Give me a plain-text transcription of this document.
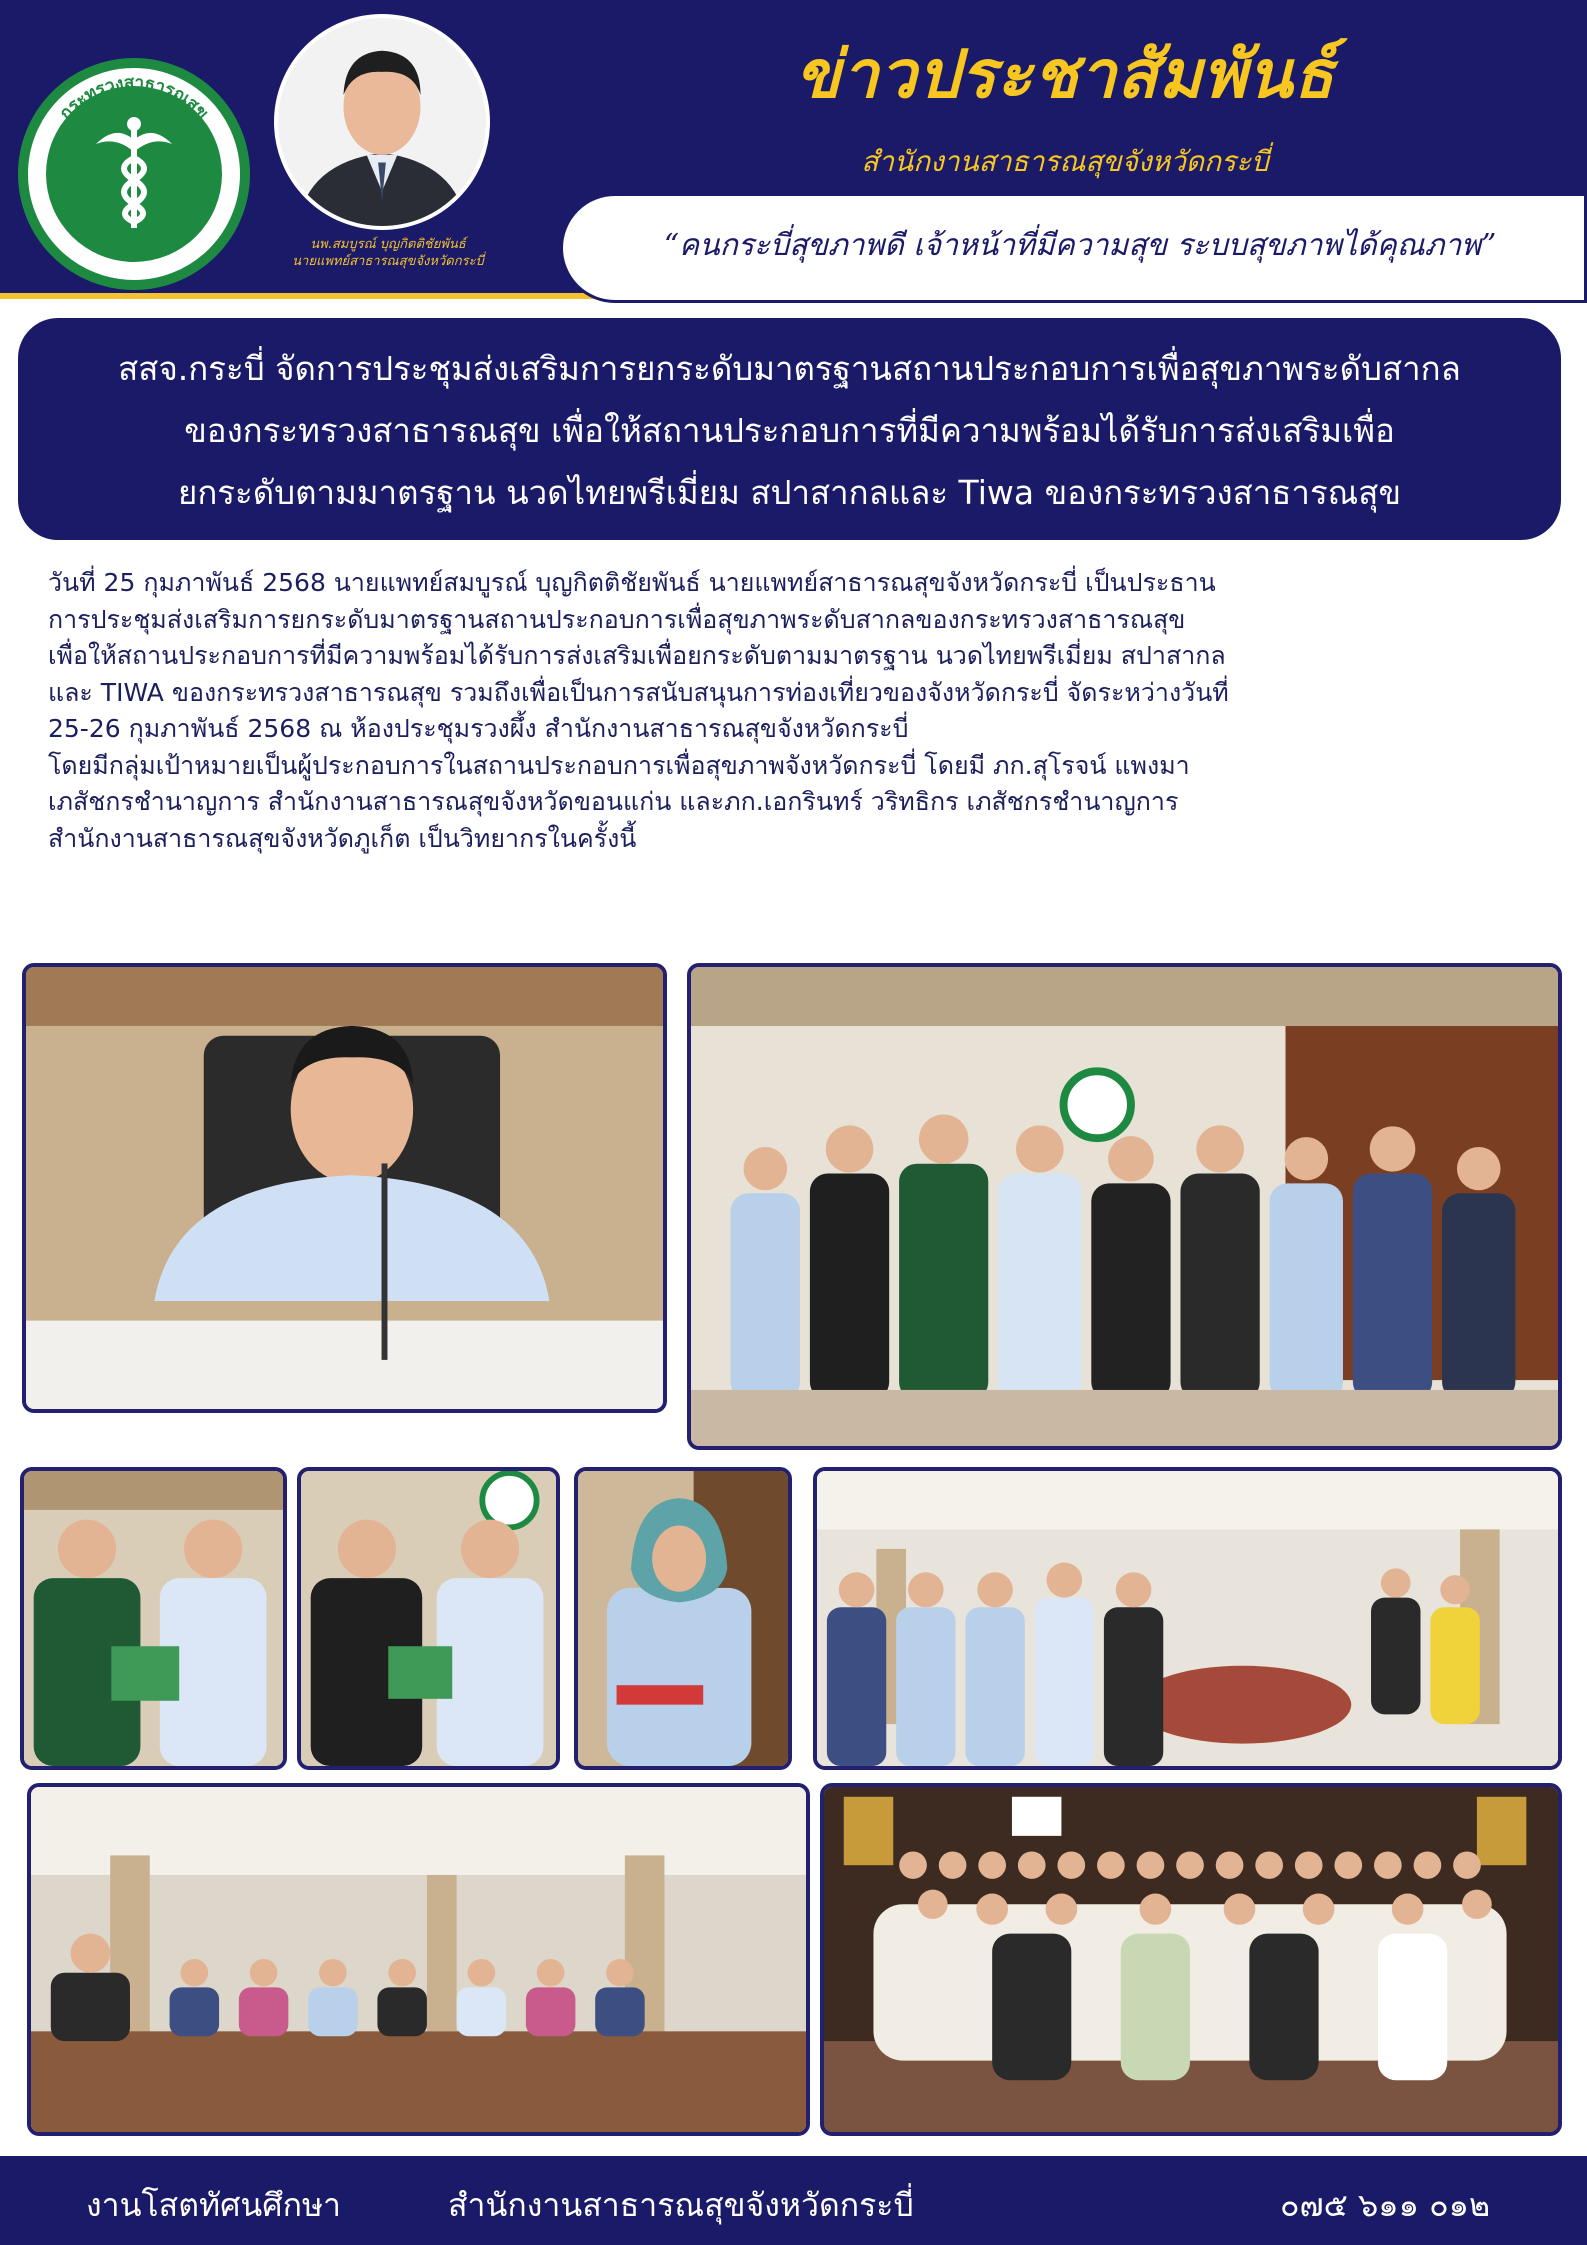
กระทรวงสาธารณสุข
MINISTRY OF PUBLIC HEALTH
นพ.สมบูรณ์ บุญกิตติชัยพันธ์
นายแพทย์สาธารณสุขจังหวัดกระบี่
ข่าวประชาสัมพันธ์
สำนักงานสาธารณสุขจังหวัดกระบี่
“คนกระบี่สุขภาพดี เจ้าหน้าที่มีความสุข ระบบสุขภาพได้คุณภาพ”

สสจ.กระบี่ จัดการประชุมส่งเสริมการยกระดับมาตรฐานสถานประกอบการเพื่อสุขภาพระดับสากล

ของกระทรวงสาธารณสุข เพื่อให้สถานประกอบการที่มีความพร้อมได้รับการส่งเสริมเพื่อ

ยกระดับตามมาตรฐาน นวดไทยพรีเมี่ยม สปาสากลและ Tiwa ของกระทรวงสาธารณสุข

วันที่ 25 กุมภาพันธ์ 2568 นายแพทย์สมบูรณ์ บุญกิตติชัยพันธ์ นายแพทย์สาธารณสุขจังหวัดกระบี่ เป็นประธาน

การประชุมส่งเสริมการยกระดับมาตรฐานสถานประกอบการเพื่อสุขภาพระดับสากลของกระทรวงสาธารณสุข

เพื่อให้สถานประกอบการที่มีความพร้อมได้รับการส่งเสริมเพื่อยกระดับตามมาตรฐาน นวดไทยพรีเมี่ยม สปาสากล

และ TIWA ของกระทรวงสาธารณสุข รวมถึงเพื่อเป็นการสนับสนุนการท่องเที่ยวของจังหวัดกระบี่ จัดระหว่างวันที่

25-26 กุมภาพันธ์ 2568 ณ ห้องประชุมรวงผึ้ง สำนักงานสาธารณสุขจังหวัดกระบี่

โดยมีกลุ่มเป้าหมายเป็นผู้ประกอบการในสถานประกอบการเพื่อสุขภาพจังหวัดกระบี่ โดยมี ภก.สุโรจน์ แพงมา

เภสัชกรชำนาญการ สำนักงานสาธารณสุขจังหวัดขอนแก่น และภก.เอกรินทร์ วริทธิกร เภสัชกรชำนาญการ

สำนักงานสาธารณสุขจังหวัดภูเก็ต เป็นวิทยากรในครั้งนี้

งานโสตทัศนศึกษา	สำนักงานสาธารณสุขจังหวัดกระบี่	๐๗๕ ๖๑๑ ๐๑๒
